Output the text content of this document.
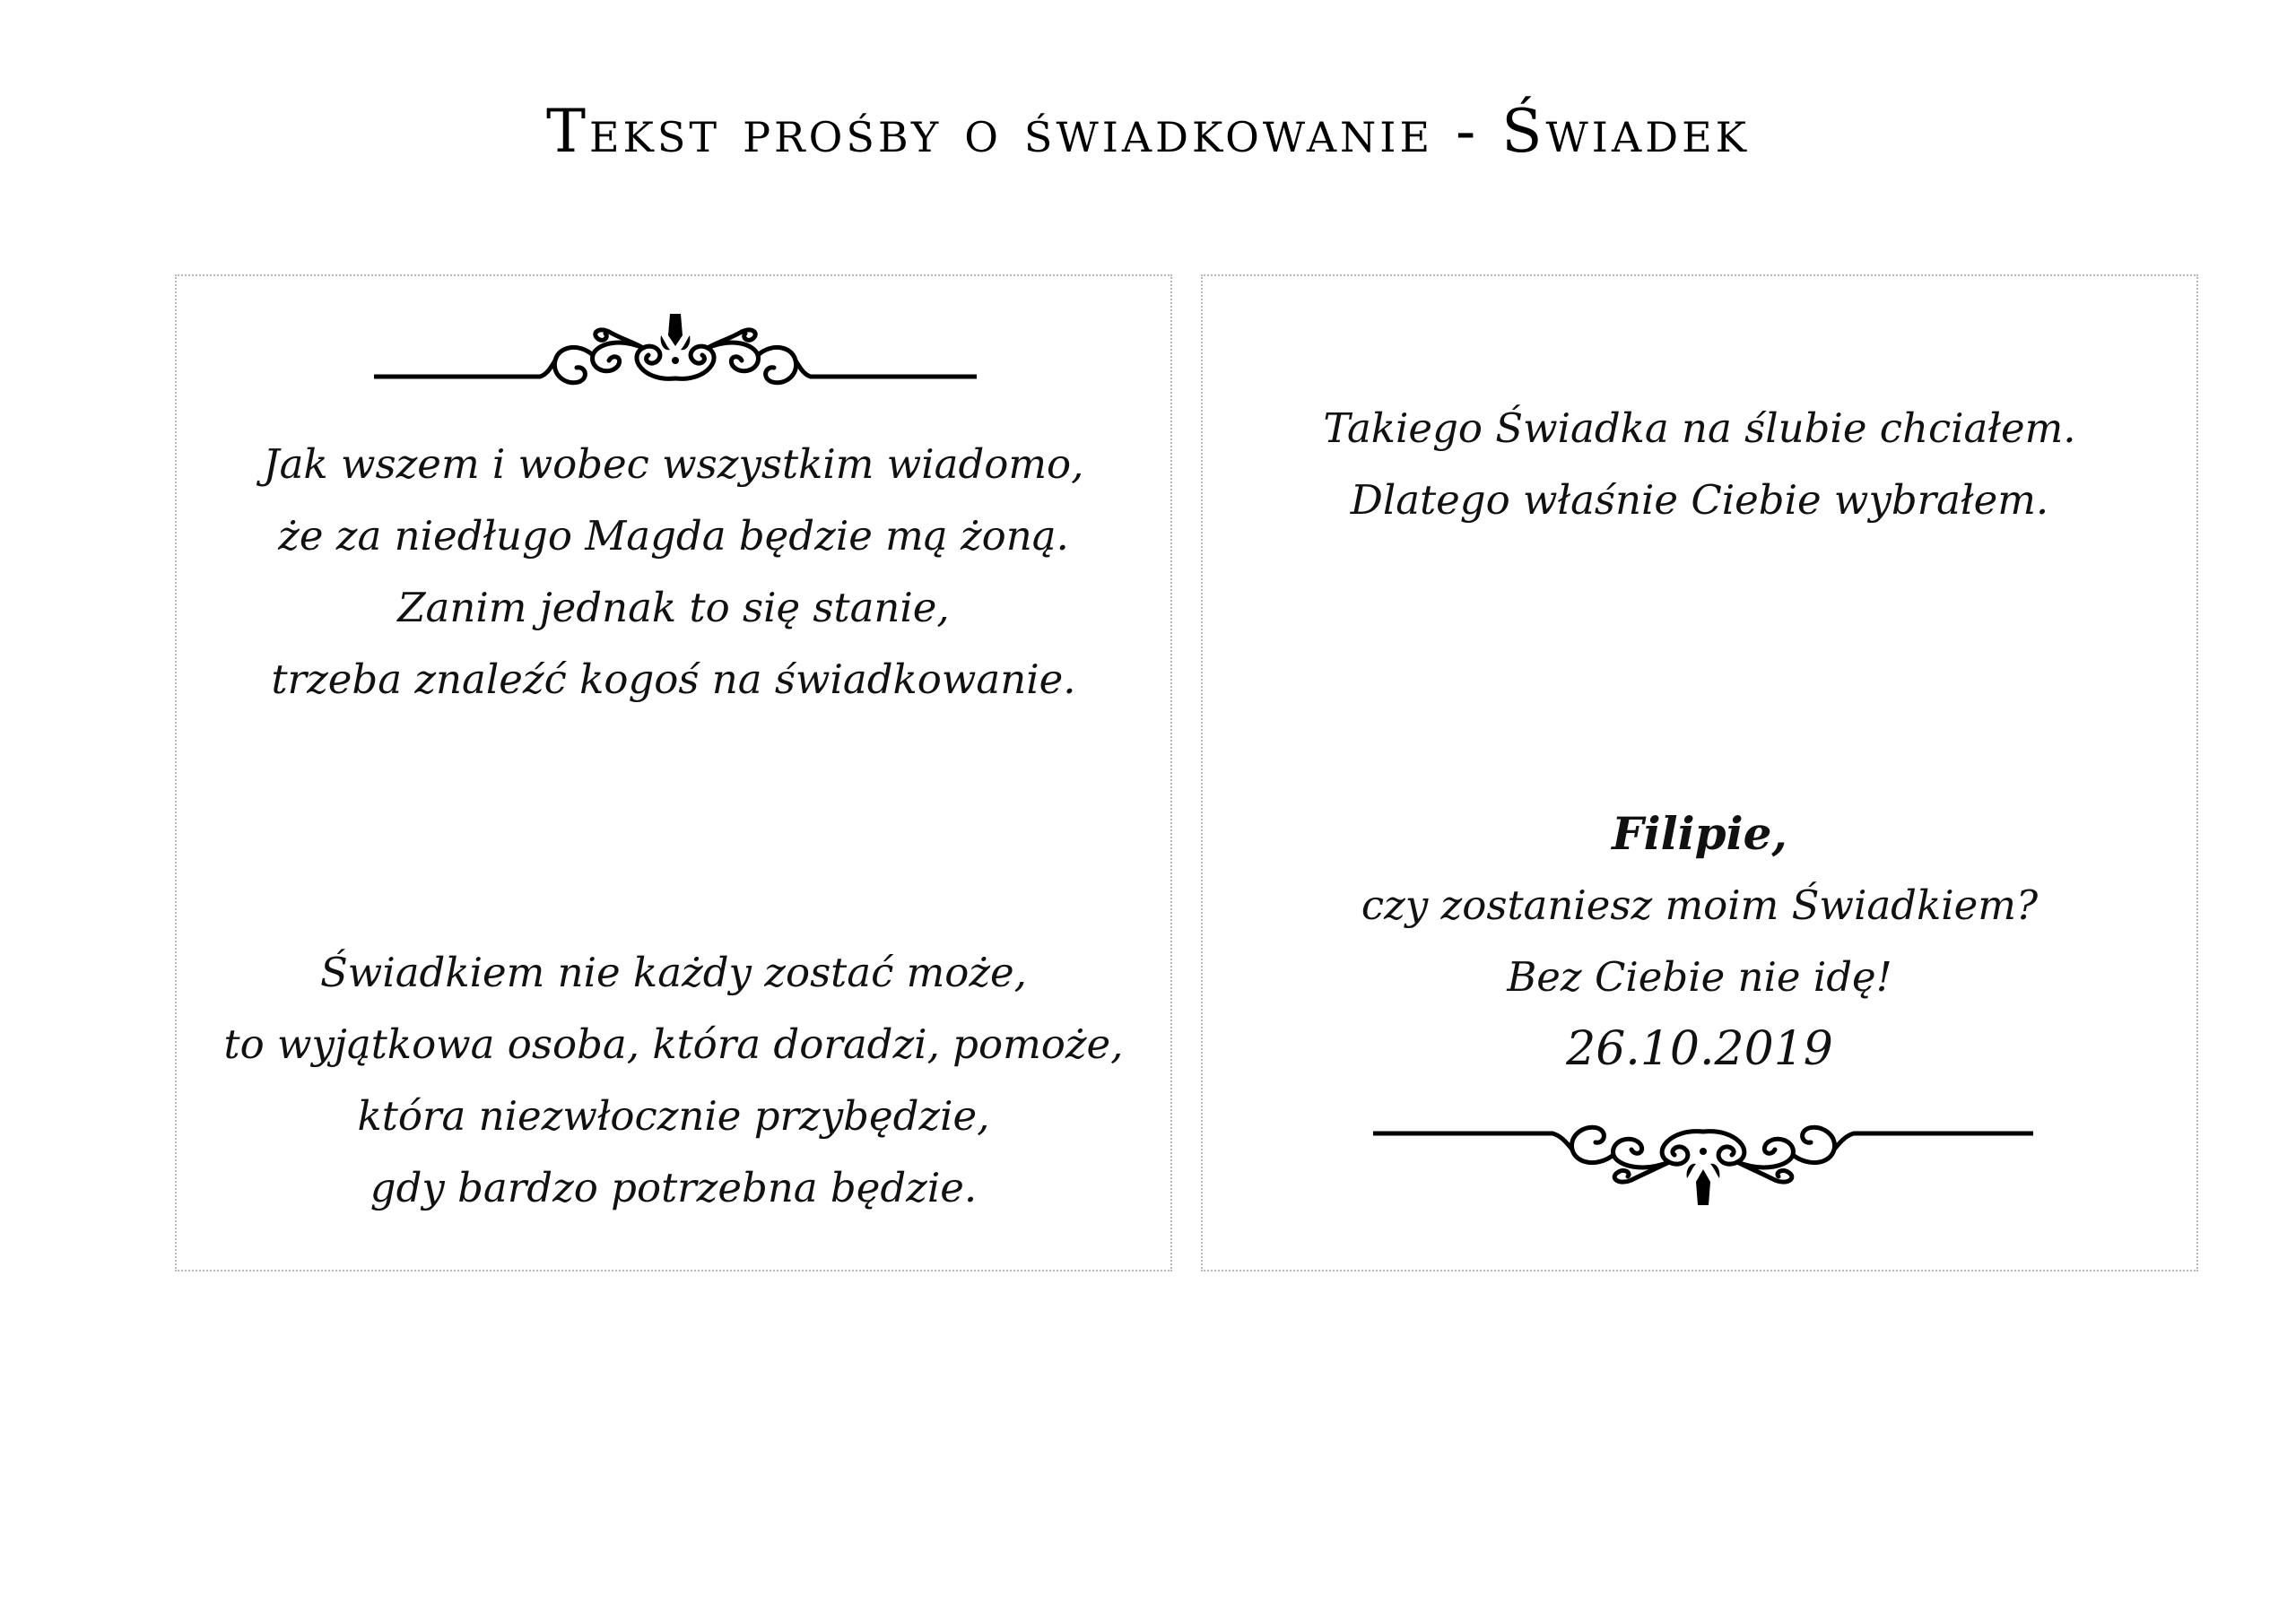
Tekst prośby o świadkowanie - Świadek
Jak wszem i wobec wszystkim wiadomo,
że za niedługo Magda będzie mą żoną.
Zanim jednak to się stanie,
trzeba znaleźć kogoś na świadkowanie.
Świadkiem nie każdy zostać może,
to wyjątkowa osoba, która doradzi, pomoże,
która niezwłocznie przybędzie,
gdy bardzo potrzebna będzie.
Takiego Świadka na ślubie chciałem.
Dlatego właśnie Ciebie wybrałem.
Filipie,
czy zostaniesz moim Świadkiem?
Bez Ciebie nie idę!
26.10.2019
